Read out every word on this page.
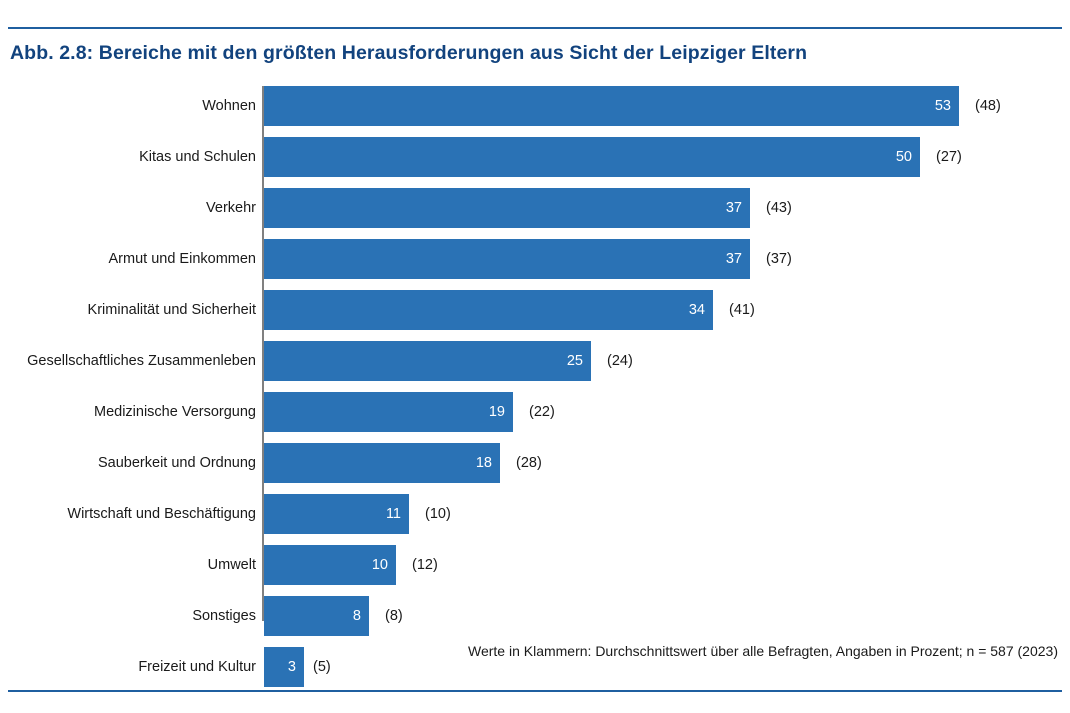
Abb. 2.8: Bereiche mit den größten Herausforderungen aus Sicht der Leipziger Eltern
Wohnen	53 (48)
Kitas und Schulen	50 (27)
Verkehr	37 (43)
Armut und Einkommen	37 (37)
Kriminalität und Sicherheit	34 (41)
Gesellschaftliches Zusammenleben	25 (24)
Medizinische Versorgung	19 (22)
Sauberkeit und Ordnung	18 (28)
Wirtschaft und Beschäftigung	11 (10)
Umwelt	10 (12)
Sonstiges	8 (8)
Freizeit und Kultur 3 (5)
Werte in Klammern: Durchschnittswert über alle Befragten, Angaben in Prozent; n = 587 (2023)
